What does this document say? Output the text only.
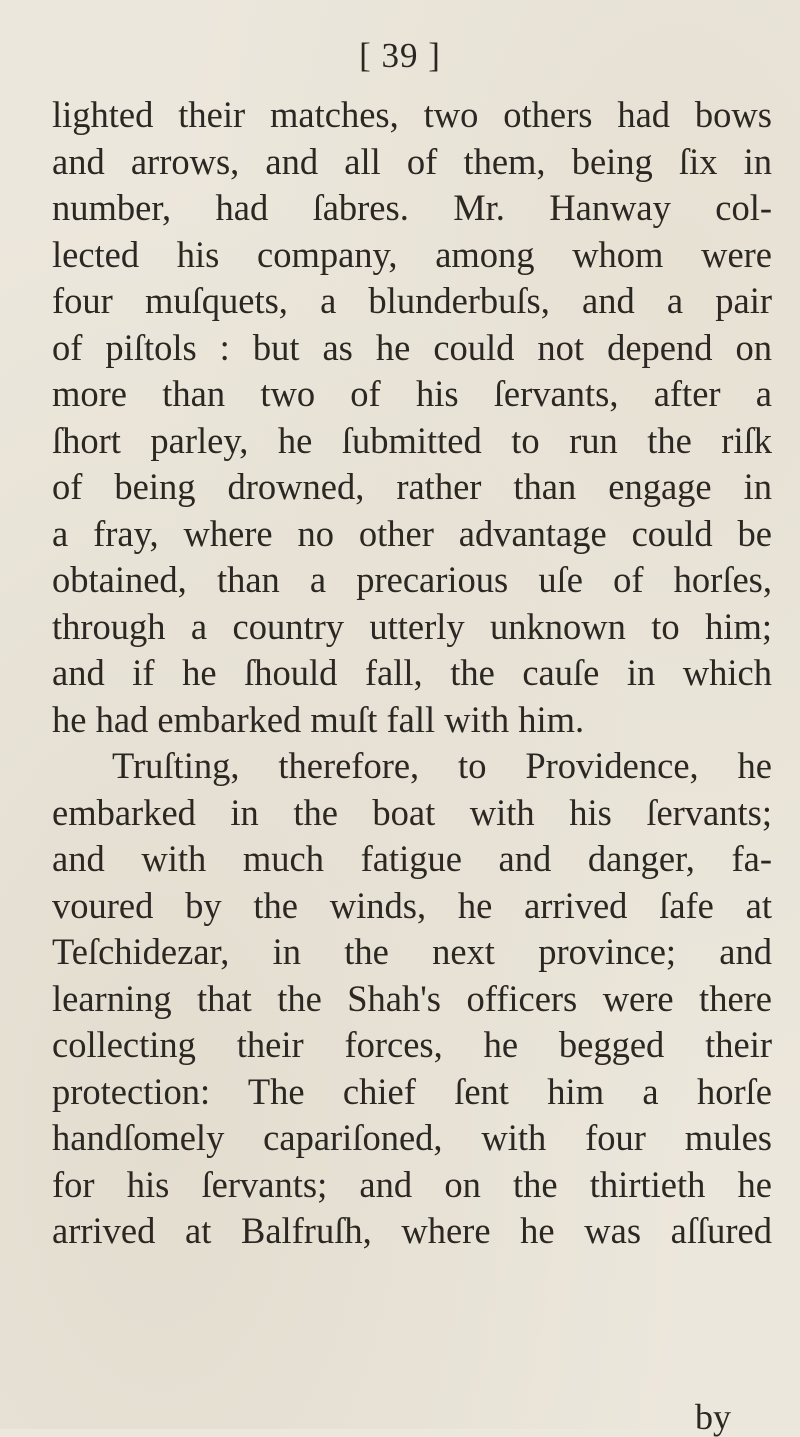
[ 39 ]
lighted their matches, two others had bows
and arrows, and all of them, being ſix in
number, had ſabres. Mr. Hanway col-
lected his company, among whom were
four muſquets, a blunderbuſs, and a pair
of piſtols : but as he could not depend on
more than two of his ſervants, after a
ſhort parley, he ſubmitted to run the riſk
of being drowned, rather than engage in
a fray, where no other advantage could be
obtained, than a precarious uſe of horſes,
through a country utterly unknown to him;
and if he ſhould fall, the cauſe in which
he had embarked muſt fall with him.
Truſting, therefore, to Providence, he
embarked in the boat with his ſervants;
and with much fatigue and danger, fa-
voured by the winds, he arrived ſafe at
Teſchidezar, in the next province; and
learning that the Shah's officers were there
collecting their forces, he begged their
protection: The chief ſent him a horſe
handſomely capariſoned, with four mules
for his ſervants; and on the thirtieth he
arrived at Balfruſh, where he was aſſured
by
